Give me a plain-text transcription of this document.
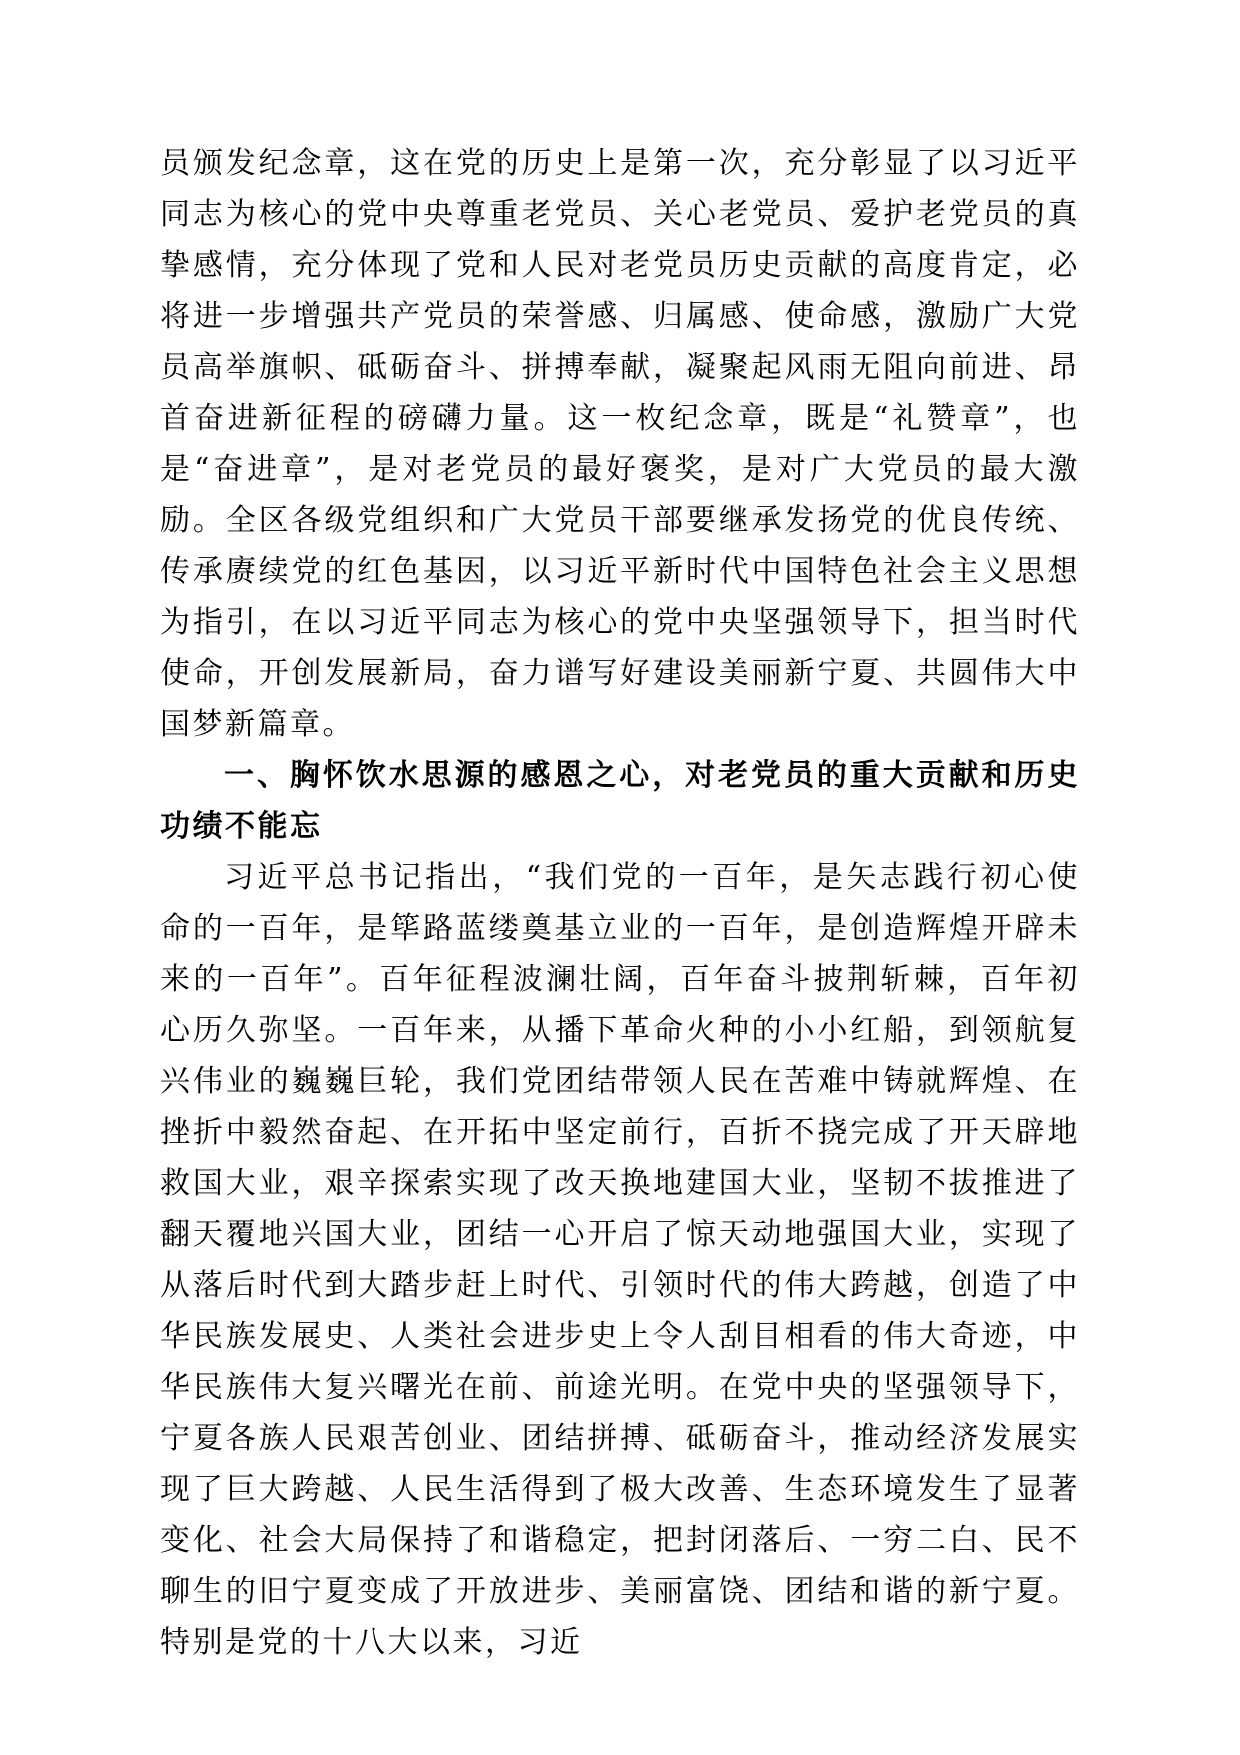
员颁发纪念章，这在党的历史上是第一次，充分彰显了以习近平同志为核心的党中央尊重老党员、关心老党员、爱护老党员的真挚感情，充分体现了党和人民对老党员历史贡献的高度肯定，必将进一步增强共产党员的荣誉感、归属感、使命感，激励广大党员高举旗帜、砥砺奋斗、拼搏奉献，凝聚起风雨无阻向前进、昂首奋进新征程的磅礴力量。这一枚纪念章，既是“礼赞章”，也是“奋进章”，是对老党员的最好褒奖，是对广大党员的最大激励。全区各级党组织和广大党员干部要继承发扬党的优良传统、传承赓续党的红色基因，以习近平新时代中国特色社会主义思想为指引，在以习近平同志为核心的党中央坚强领导下，担当时代使命，开创发展新局，奋力谱写好建设美丽新宁夏、共圆伟大中国梦新篇章。

一、胸怀饮水思源的感恩之心，对老党员的重大贡献和历史功绩不能忘

习近平总书记指出，“我们党的一百年，是矢志践行初心使命的一百年，是筚路蓝缕奠基立业的一百年，是创造辉煌开辟未来的一百年”。百年征程波澜壮阔，百年奋斗披荆斩棘，百年初心历久弥坚。一百年来，从播下革命火种的小小红船，到领航复兴伟业的巍巍巨轮，我们党团结带领人民在苦难中铸就辉煌、在挫折中毅然奋起、在开拓中坚定前行，百折不挠完成了开天辟地救国大业，艰辛探索实现了改天换地建国大业，坚韧不拔推进了翻天覆地兴国大业，团结一心开启了惊天动地强国大业，实现了从落后时代到大踏步赶上时代、引领时代的伟大跨越，创造了中华民族发展史、人类社会进步史上令人刮目相看的伟大奇迹，中华民族伟大复兴曙光在前、前途光明。在党中央的坚强领导下，宁夏各族人民艰苦创业、团结拼搏、砥砺奋斗，推动经济发展实现了巨大跨越、人民生活得到了极大改善、生态环境发生了显著变化、社会大局保持了和谐稳定，把封闭落后、一穷二白、民不聊生的旧宁夏变成了开放进步、美丽富饶、团结和谐的新宁夏。特别是党的十八大以来，习近
